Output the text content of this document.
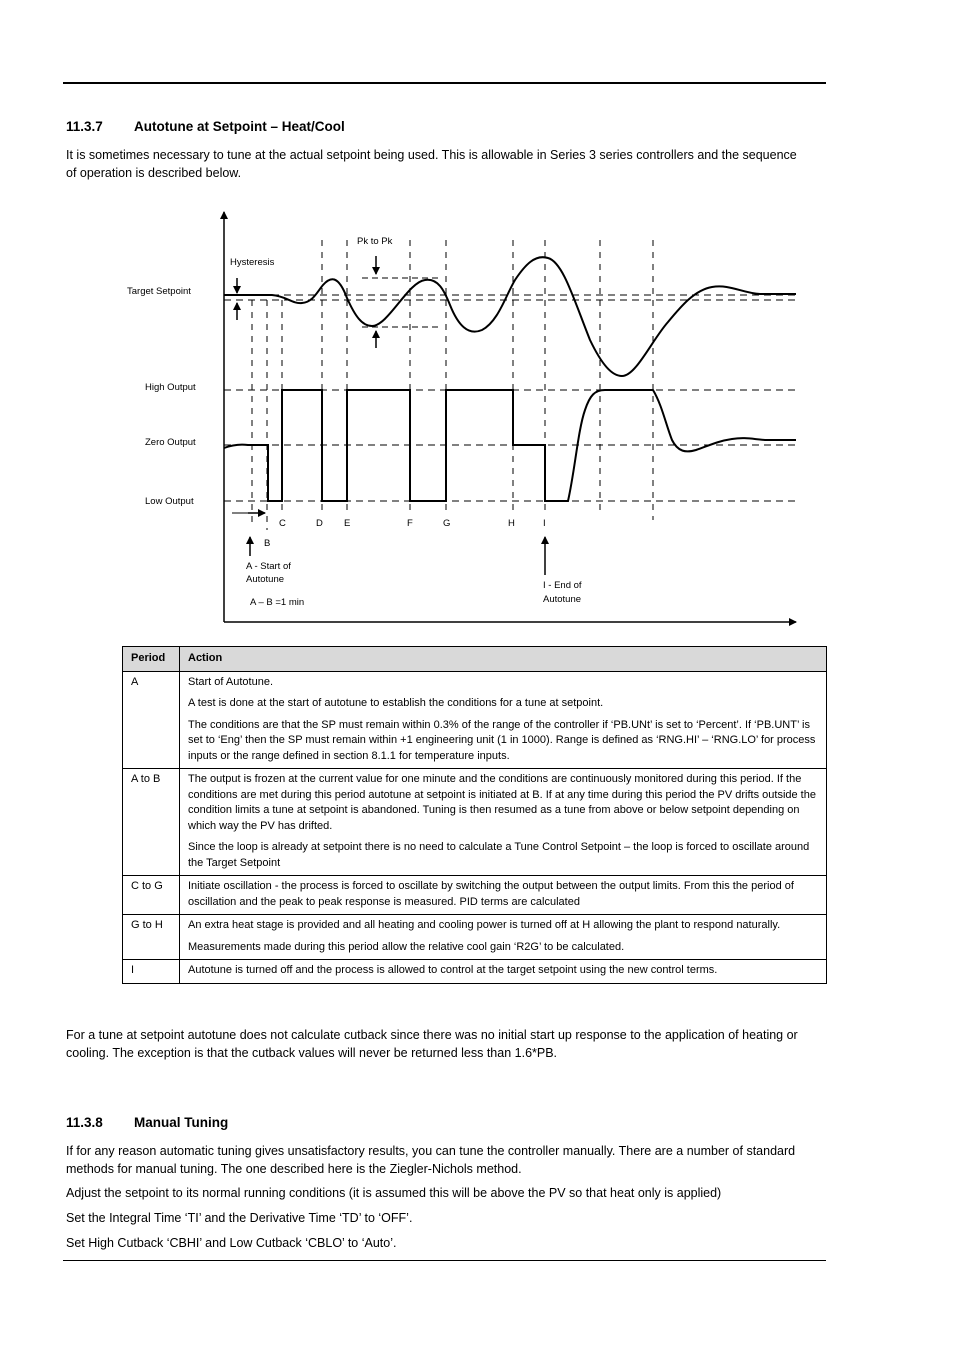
11.3.7 Autotune at Setpoint – Heat/Cool

It is sometimes necessary to tune at the actual setpoint being used. This is allowable in Series 3 series controllers and the sequence of operation is described below.

Target Setpoint
High Output
Zero Output
Low Output
Hysteresis
Pk to Pk
B
C	D E	F	G	H	I
A - Start of
Autotune
A – B =1 min
I - End of
Autotune
Period	Action
A	Start of Autotune.

A test is done at the start of autotune to establish the conditions for a tune at setpoint.

The conditions are that the SP must remain within 0.3% of the range of the controller if ‘PB.UNt’ is set to ‘Percent’. If ‘PB.UNT’ is set to ‘Eng’ then the SP must remain within +1 engineering unit (1 in 1000). Range is defined as ‘RNG.HI’ – ‘RNG.LO’ for process inputs or the range defined in section 8.1.1 for temperature inputs.

A to B	The output is frozen at the current value for one minute and the conditions are continuously monitored during this period. If the conditions are met during this period autotune at setpoint is initiated at B. If at any time during this period the PV drifts outside the condition limits a tune at setpoint is abandoned. Tuning is then resumed as a tune from above or below setpoint depending on which way the PV has drifted.

Since the loop is already at setpoint there is no need to calculate a Tune Control Setpoint – the loop is forced to oscillate around the Target Setpoint

C to G	Initiate oscillation - the process is forced to oscillate by switching the output between the output limits. From this the period of oscillation and the peak to peak response is measured. PID terms are calculated

G to H	An extra heat stage is provided and all heating and cooling power is turned off at H allowing the plant to respond naturally.

Measurements made during this period allow the relative cool gain ‘R2G’ to be calculated.

I	Autotune is turned off and the process is allowed to control at the target setpoint using the new control terms.

For a tune at setpoint autotune does not calculate cutback since there was no initial start up response to the application of heating or cooling. The exception is that the cutback values will never be returned less than 1.6*PB.

11.3.8 Manual Tuning

If for any reason automatic tuning gives unsatisfactory results, you can tune the controller manually. There are a number of standard methods for manual tuning. The one described here is the Ziegler-Nichols method.

Adjust the setpoint to its normal running conditions (it is assumed this will be above the PV so that heat only is applied)

Set the Integral Time ‘TI’ and the Derivative Time ‘TD’ to ‘OFF’.

Set High Cutback ‘CBHI’ and Low Cutback ‘CBLO’ to ‘Auto’.
